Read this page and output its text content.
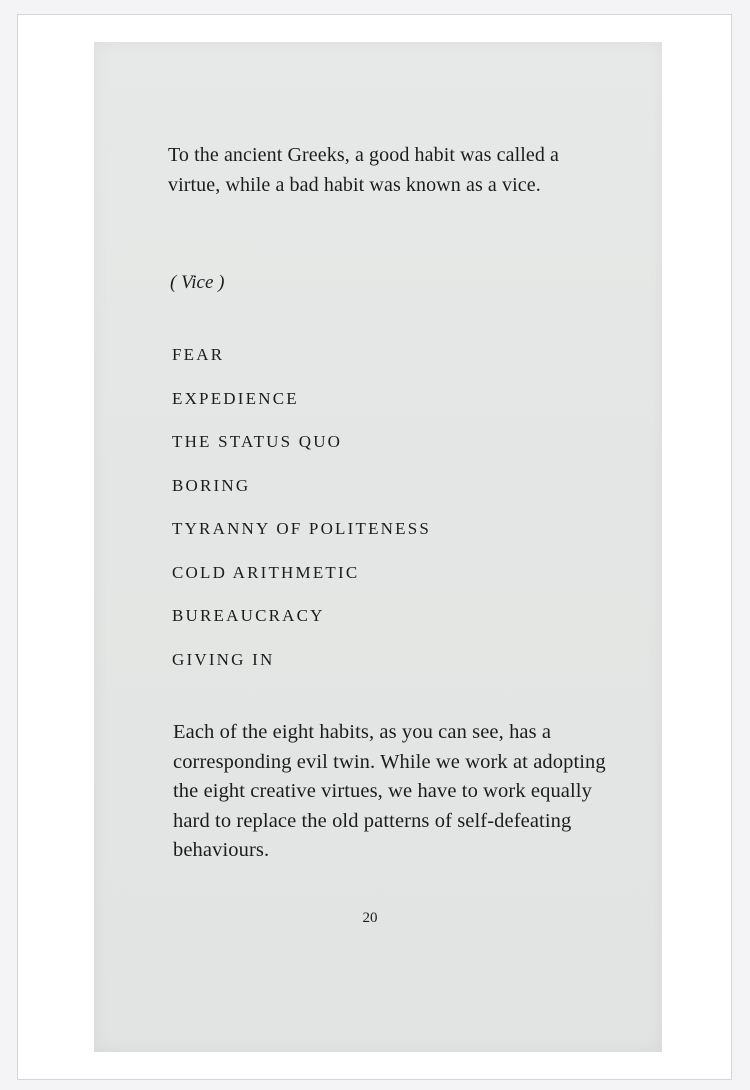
To the ancient Greeks, a good habit was called a virtue, while a bad habit was known as a vice.

( Vice )

FEAR
EXPEDIENCE
THE STATUS QUO
BORING
TYRANNY OF POLITENESS
COLD ARITHMETIC
BUREAUCRACY
GIVING IN

Each of the eight habits, as you can see, has a corresponding evil twin. While we work at adopting the eight creative virtues, we have to work equally hard to replace the old patterns of self-defeating behaviours.

20
